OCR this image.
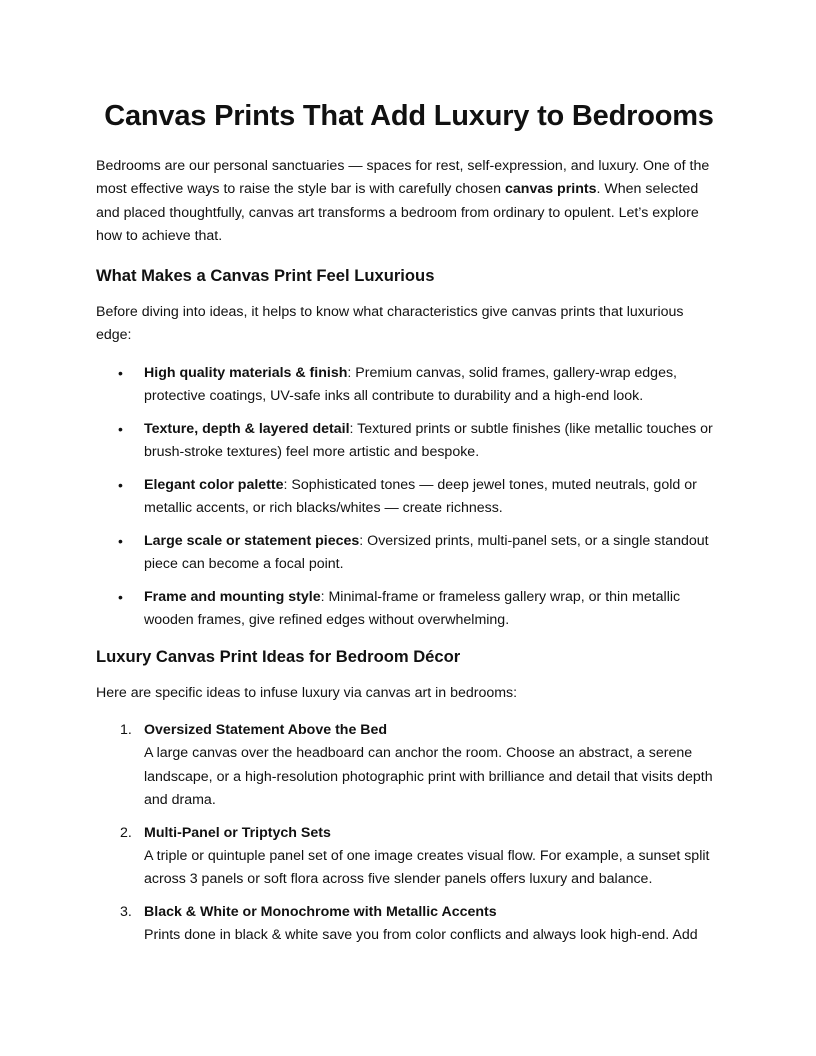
Canvas Prints That Add Luxury to Bedrooms

Bedrooms are our personal sanctuaries — spaces for rest, self-expression, and luxury. One of the most effective ways to raise the style bar is with carefully chosen canvas prints. When selected and placed thoughtfully, canvas art transforms a bedroom from ordinary to opulent. Let’s explore how to achieve that.

What Makes a Canvas Print Feel Luxurious

Before diving into ideas, it helps to know what characteristics give canvas prints that luxurious edge:

• High quality materials & finish: Premium canvas, solid frames, gallery-wrap edges, protective coatings, UV-safe inks all contribute to durability and a high-end look.
• Texture, depth & layered detail: Textured prints or subtle finishes (like metallic touches or brush-stroke textures) feel more artistic and bespoke.
• Elegant color palette: Sophisticated tones — deep jewel tones, muted neutrals, gold or metallic accents, or rich blacks/whites — create richness.
• Large scale or statement pieces: Oversized prints, multi-panel sets, or a single standout piece can become a focal point.
• Frame and mounting style: Minimal-frame or frameless gallery wrap, or thin metallic wooden frames, give refined edges without overwhelming.
Luxury Canvas Print Ideas for Bedroom Décor

Here are specific ideas to infuse luxury via canvas art in bedrooms:

1. Oversized Statement Above the Bed
A large canvas over the headboard can anchor the room. Choose an abstract, a serene landscape, or a high-resolution photographic print with brilliance and detail that visits depth and drama.
2. Multi-Panel or Triptych Sets
A triple or quintuple panel set of one image creates visual flow. For example, a sunset split across 3 panels or soft flora across five slender panels offers luxury and balance.
3. Black & White or Monochrome with Metallic Accents
Prints done in black & white save you from color conflicts and always look high-end. Add
